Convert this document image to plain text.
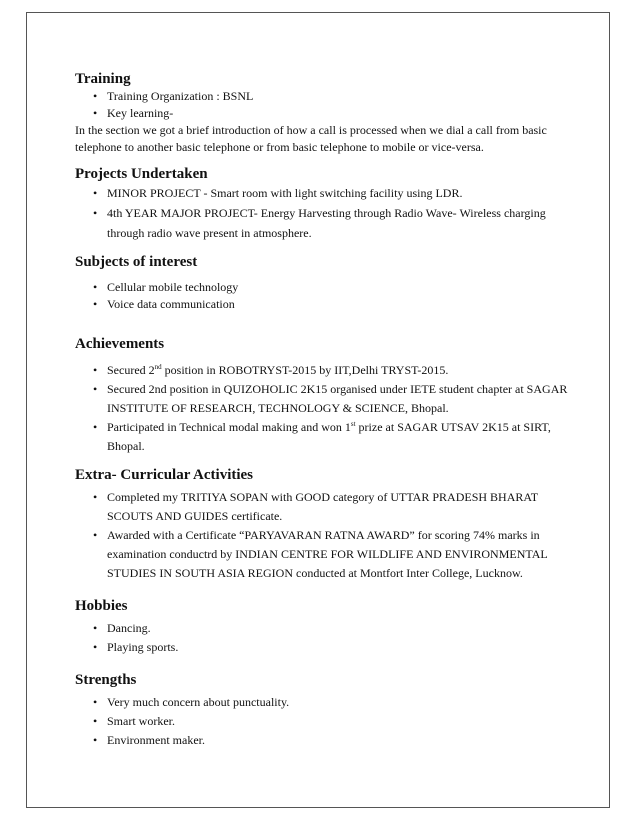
Training
• Training Organization : BSNL
• Key learning-

In the section we got a brief introduction of how a call is processed when we dial a call from basic telephone to another basic telephone or from basic telephone to mobile or vice-versa.

Projects Undertaken
• MINOR PROJECT - Smart room with light switching facility using LDR.
• 4th YEAR MAJOR PROJECT- Energy Harvesting through Radio Wave- Wireless charging through radio wave present in atmosphere.
Subjects of interest
• Cellular mobile technology
• Voice data communication
Achievements
• Secured 2nd position in ROBOTRYST-2015 by IIT,Delhi TRYST-2015.
• Secured 2nd position in QUIZOHOLIC 2K15 organised under IETE student chapter at SAGAR INSTITUTE OF RESEARCH, TECHNOLOGY & SCIENCE, Bhopal.
• Participated in Technical modal making and won 1st prize at SAGAR UTSAV 2K15 at SIRT, Bhopal.
Extra- Curricular Activities
• Completed my TRITIYA SOPAN with GOOD category of UTTAR PRADESH BHARAT SCOUTS AND GUIDES certificate.
• Awarded with a Certificate “PARYAVARAN RATNA AWARD” for scoring 74% marks in examination conductrd by INDIAN CENTRE FOR WILDLIFE AND ENVIRONMENTAL STUDIES IN SOUTH ASIA REGION conducted at Montfort Inter College, Lucknow.
Hobbies
• Dancing.
• Playing sports.
Strengths
• Very much concern about punctuality.
• Smart worker.
• Environment maker.
